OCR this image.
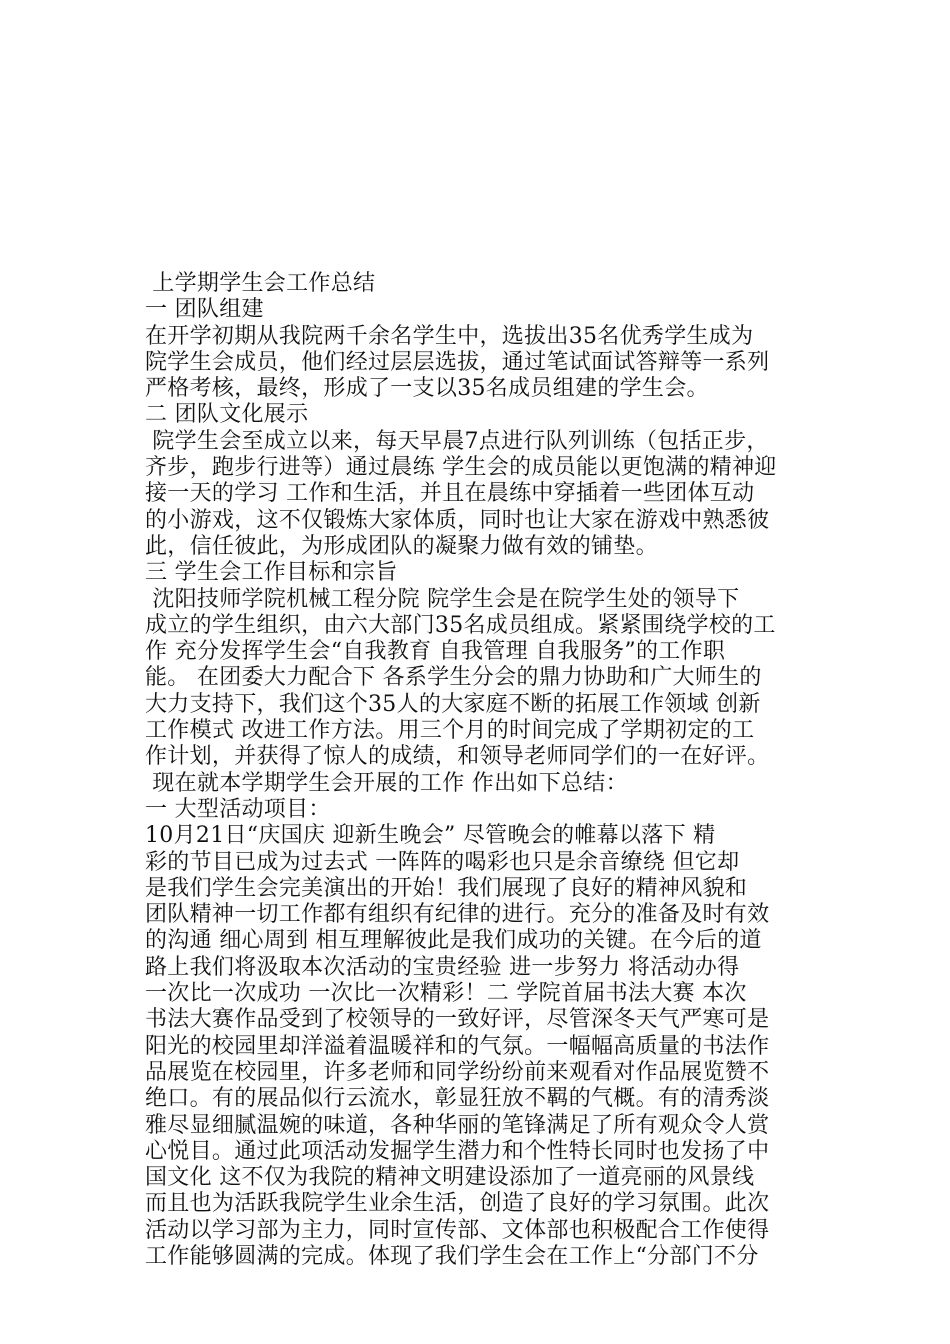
上学期学生会工作总结
一 团队组建
在开学初期从我院两千余名学生中，选拔出35名优秀学生成为
院学生会成员，他们经过层层选拔，通过笔试面试答辩等一系列
严格考核，最终，形成了一支以35名成员组建的学生会。
二 团队文化展示
院学生会至成立以来，每天早晨7点进行队列训练（包括正步，
齐步，跑步行进等）通过晨练 学生会的成员能以更饱满的精神迎
接一天的学习 工作和生活，并且在晨练中穿插着一些团体互动
的小游戏，这不仅锻炼大家体质，同时也让大家在游戏中熟悉彼
此，信任彼此，为形成团队的凝聚力做有效的铺垫。
三 学生会工作目标和宗旨
沈阳技师学院机械工程分院 院学生会是在院学生处的领导下
成立的学生组织，由六大部门35名成员组成。紧紧围绕学校的工
作 充分发挥学生会“自我教育 自我管理 自我服务”的工作职
能。 在团委大力配合下 各系学生分会的鼎力协助和广大师生的
大力支持下，我们这个35人的大家庭不断的拓展工作领域 创新
工作模式 改进工作方法。用三个月的时间完成了学期初定的工
作计划，并获得了惊人的成绩，和领导老师同学们的一在好评。
现在就本学期学生会开展的工作 作出如下总结：
一 大型活动项目：
10月21日“庆国庆 迎新生晚会” 尽管晚会的帷幕以落下 精
彩的节目已成为过去式 一阵阵的喝彩也只是余音缭绕 但它却
是我们学生会完美演出的开始！我们展现了良好的精神风貌和
团队精神一切工作都有组织有纪律的进行。充分的准备及时有效
的沟通 细心周到 相互理解彼此是我们成功的关键。在今后的道
路上我们将汲取本次活动的宝贵经验 进一步努力 将活动办得
一次比一次成功 一次比一次精彩！二 学院首届书法大赛 本次
书法大赛作品受到了校领导的一致好评，尽管深冬天气严寒可是
阳光的校园里却洋溢着温暖祥和的气氛。一幅幅高质量的书法作
品展览在校园里，许多老师和同学纷纷前来观看对作品展览赞不
绝口。有的展品似行云流水，彰显狂放不羁的气概。有的清秀淡
雅尽显细腻温婉的味道，各种华丽的笔锋满足了所有观众令人赏
心悦目。通过此项活动发掘学生潜力和个性特长同时也发扬了中
国文化 这不仅为我院的精神文明建设添加了一道亮丽的风景线
而且也为活跃我院学生业余生活，创造了良好的学习氛围。此次
活动以学习部为主力，同时宣传部、文体部也积极配合工作使得
工作能够圆满的完成。体现了我们学生会在工作上“分部门不分
